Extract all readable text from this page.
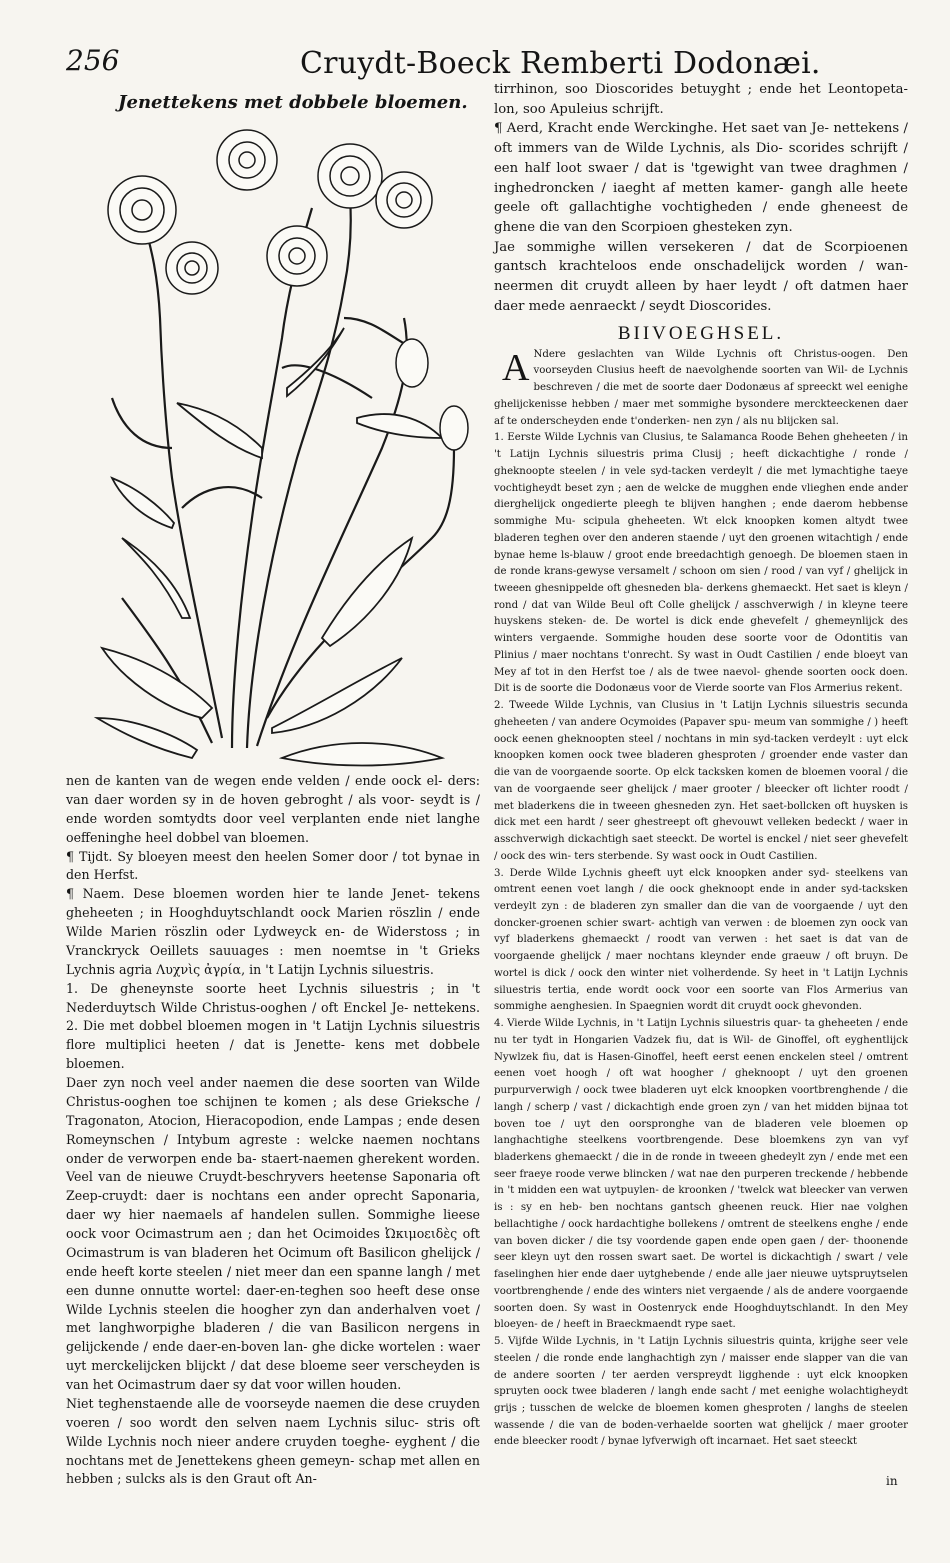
256	Cruydt-Boeck Remberti Dodonæi.
Jenettekens met dobbele bloemen.

tirrhinon, soo Dioscorides betuyght ; ende het Leontopeta- lon, soo Apuleius schrijft.

¶ Aerd, Kracht ende Werckinghe. Het saet van Je- nettekens / oft immers van de Wilde Lychnis, als Dio- scorides schrijft / een half loot swaer / dat is 'tgewight van twee draghmen / inghedroncken / iaeght af metten kamer- gangh alle heete geele oft gallachtighe vochtigheden / ende gheneest de ghene die van den Scorpioen ghesteken zyn.

Jae sommighe willen versekeren / dat de Scorpioenen gantsch krachteloos ende onschadelijck worden / wan- neermen dit cruydt alleen by haer leydt / oft datmen haer daer mede aenraeckt / seydt Dioscorides.

BIIVOEGHSEL.

A Ndere geslachten van Wilde Lychnis oft Christus-oogen. Den voorseyden Clusius heeft de naevolghende soorten van Wil- de Lychnis beschreven / die met de soorte daer Dodonæus af spreeckt wel eenighe ghelijckenisse hebben / maer met sommighe bysondere merckteeckenen daer af te onderscheyden ende t'onderken- nen zyn / als nu blijcken sal.

1. Eerste Wilde Lychnis van Clusius, te Salamanca Roode Behen gheheeten / in 't Latijn Lychnis siluestris prima Clusij ; heeft dickachtighe / ronde / gheknoopte steelen / in vele syd-tacken verdeylt / die met lymachtighe taeye vochtigheydt beset zyn ; aen de welcke de mugghen ende vlieghen ende ander dierghelijck ongedierte pleegh te blijven hanghen ; ende daerom hebbense sommighe Mu- scipula gheheeten. Wt elck knoopken komen altydt twee bladeren teghen over den anderen staende / uyt den groenen witachtigh / ende bynae heme ls-blauw / groot ende breedachtigh genoegh. De bloemen staen in de ronde krans-gewyse versamelt / schoon om sien / rood / van vyf / ghelijck in tweeen ghesnippelde oft ghesneden bla- derkens ghemaeckt. Het saet is kleyn / rond / dat van Wilde Beul oft Colle ghelijck / asschverwigh / in kleyne teere huyskens steken- de. De wortel is dick ende ghevefelt / ghemeynlijck des winters vergaende. Sommighe houden dese soorte voor de Odontitis van Plinius / maer nochtans t'onrecht. Sy wast in Oudt Castilien / ende bloeyt van Mey af tot in den Herfst toe / als de twee naevol- ghende soorten oock doen. Dit is de soorte die Dodonæus voor de Vierde soorte van Flos Armerius rekent.

2. Tweede Wilde Lychnis, van Clusius in 't Latijn Lychnis siluestris secunda gheheeten / van andere Ocymoides (Papaver spu- meum van sommighe / ) heeft oock eenen gheknoopten steel / nochtans in min syd-tacken verdeylt : uyt elck knoopken komen oock twee bladeren ghesproten / groender ende vaster dan die van de voorgaende soorte. Op elck tacksken komen de bloemen vooral / die van de voorgaende seer ghelijck / maer grooter / bleecker oft lichter roodt / met bladerkens die in tweeen ghesneden zyn. Het saet-bollcken oft huysken is dick met een hardt / seer ghestreept oft ghevouwt velleken bedeckt / waer in asschverwigh dickachtigh saet steeckt. De wortel is enckel / niet seer ghevefelt / oock des win- ters sterbende. Sy wast oock in Oudt Castilien.

3. Derde Wilde Lychnis gheeft uyt elck knoopken ander syd- steelkens van omtrent eenen voet langh / die oock gheknoopt ende in ander syd-tacksken verdeylt zyn : de bladeren zyn smaller dan die van de voorgaende / uyt den doncker-groenen schier swart- achtigh van verwen : de bloemen zyn oock van vyf bladerkens ghemaeckt / roodt van verwen : het saet is dat van de voorgaende ghelijck / maer nochtans kleynder ende graeuw / oft bruyn. De wortel is dick / oock den winter niet volherdende. Sy heet in 't Latijn Lychnis siluestris tertia, ende wordt oock voor een soorte van Flos Armerius van sommighe aenghesien. In Spaegnien wordt dit cruydt oock ghevonden.

4. Vierde Wilde Lychnis, in 't Latijn Lychnis siluestris quar- ta gheheeten / ende nu ter tydt in Hongarien Vadzek fiu, dat is Wil- de Ginoffel, oft eyghentlijck Nywlzek fiu, dat is Hasen-Ginoffel, heeft eerst eenen enckelen steel / omtrent eenen voet hoogh / oft wat hoogher / gheknoopt / uyt den groenen purpurverwigh / oock twee bladeren uyt elck knoopken voortbrenghende / die langh / scherp / vast / dickachtigh ende groen zyn / van het midden bijnaa tot boven toe / uyt den oorspronghe van de bladeren vele bloemen op langhachtighe steelkens voortbrengende. Dese bloemkens zyn van vyf bladerkens ghemaeckt / die in de ronde in tweeen ghedeylt zyn / ende met een seer fraeye roode verwe blincken / wat nae den purperen treckende / hebbende in 't midden een wat uytpuylen- de kroonken / 'twelck wat bleecker van verwen is : sy en heb- ben nochtans gantsch gheenen reuck. Hier nae volghen bellachtighe / oock hardachtighe bollekens / omtrent de steelkens enghe / ende van boven dicker / die tsy voordende gapen ende open gaen / der- thoonende seer kleyn uyt den rossen swart saet. De wortel is dickachtigh / swart / vele faselinghen hier ende daer uytghebende / ende alle jaer nieuwe uytspruytselen voortbrenghende / ende des winters niet vergaende / als de andere voorgaende soorten doen. Sy wast in Oostenryck ende Hooghduytschlandt. In den Mey bloeyen- de / heeft in Braeckmaendt rype saet.

5. Vijfde Wilde Lychnis, in 't Latijn Lychnis siluestris quinta, krijghe seer vele steelen / die ronde ende langhachtigh zyn / maisser ende slapper van die van de andere soorten / ter aerden verspreydt ligghende : uyt elck knoopken spruyten oock twee bladeren / langh ende sacht / met eenighe wolachtigheydt grijs ; tusschen de welcke de bloemen komen ghesproten / langhs de steelen wassende / die van de boden-verhaelde soorten wat ghelijck / maer grooter ende bleecker roodt / bynae lyfverwigh oft incarnaet. Het saet steeckt

nen de kanten van de wegen ende velden / ende oock el- ders: van daer worden sy in de hoven gebroght / als voor- seydt is / ende worden somtydts door veel verplanten ende niet langhe oeffeninghe heel dobbel van bloemen.

¶ Tijdt. Sy bloeyen meest den heelen Somer door / tot bynae in den Herfst.

¶ Naem. Dese bloemen worden hier te lande Jenet- tekens gheheeten ; in Hooghduytschlandt oock Marien röszlin / ende Wilde Marien röszlin oder Lydweyck en- de Widerstoss ; in Vranckryck Oeillets sauuages : men noemtse in 't Grieks Lychnis agria Λυχνὶς ἀγρία, in 't Latijn Lychnis siluestris.

1. De gheneynste soorte heet Lychnis siluestris ; in 't Nederduytsch Wilde Christus-ooghen / oft Enckel Je- nettekens. 2. Die met dobbel bloemen mogen in 't Latijn Lychnis siluestris flore multiplici heeten / dat is Jenette- kens met dobbele bloemen.

Daer zyn noch veel ander naemen die dese soorten van Wilde Christus-ooghen toe schijnen te komen ; als dese Grieksche / Tragonaton, Atocion, Hieracopodion, ende Lampas ; ende desen Romeynschen / Intybum agreste : welcke naemen nochtans onder de verworpen ende ba- staert-naemen gherekent worden. Veel van de nieuwe Cruydt-beschryvers heetense Saponaria oft Zeep-cruydt: daer is nochtans een ander oprecht Saponaria, daer wy hier naemaels af handelen sullen. Sommighe lieese oock voor Ocimastrum aen ; dan het Ocimoides Ὠκιμοειδὲς oft Ocimastrum is van bladeren het Ocimum oft Basilicon ghelijck / ende heeft korte steelen / niet meer dan een spanne langh / met een dunne onnutte wortel: daer-en-teghen soo heeft dese onse Wilde Lychnis steelen die hoogher zyn dan anderhalven voet / met langhworpighe bladeren / die van Basilicon nergens in gelijckende / ende daer-en-boven lan- ghe dicke wortelen : waer uyt merckelijcken blijckt / dat dese bloeme seer verscheyden is van het Ocimastrum daer sy dat voor willen houden.

Niet teghenstaende alle de voorseyde naemen die dese cruyden voeren / soo wordt den selven naem Lychnis siluc- stris oft Wilde Lychnis noch nieer andere cruyden toeghe- eyghent / die nochtans met de Jenettekens gheen gemeyn- schap met allen en hebben ; sulcks als is den Graut oft An-	in
